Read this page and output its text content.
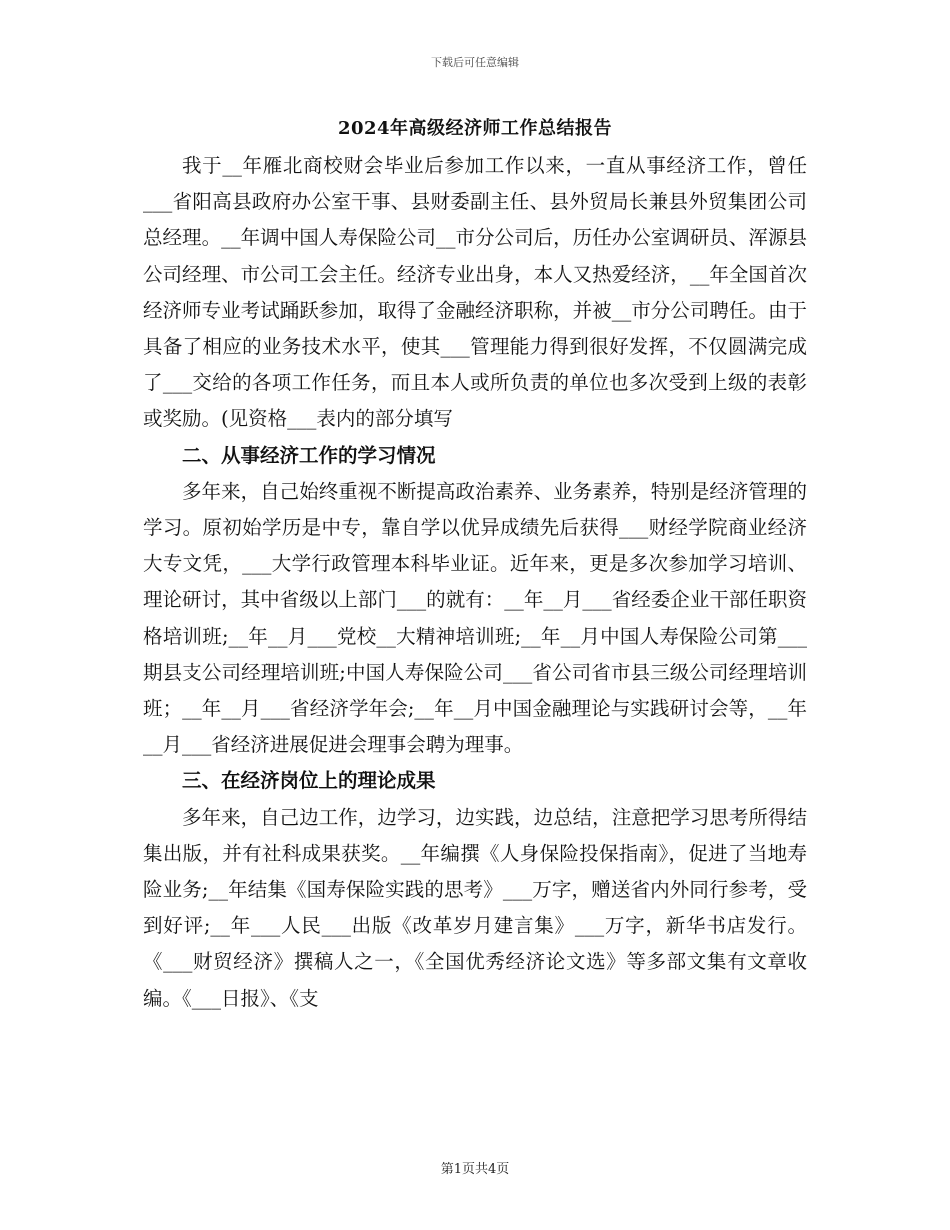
下载后可任意编辑
2024年高级经济师工作总结报告

我于__年雁北商校财会毕业后参加工作以来，一直从事经济工作，曾任___省阳高县政府办公室干事、县财委副主任、县外贸局长兼县外贸集团公司总经理。__年调中国人寿保险公司__市分公司后，历任办公室调研员、浑源县公司经理、市公司工会主任。经济专业出身，本人又热爱经济，__年全国首次经济师专业考试踊跃参加，取得了金融经济职称，并被__市分公司聘任。由于具备了相应的业务技术水平，使其___管理能力得到很好发挥，不仅圆满完成了___交给的各项工作任务，而且本人或所负责的单位也多次受到上级的表彰或奖励。(见资格___表内的部分填写

二、从事经济工作的学习情况

多年来，自己始终重视不断提高政治素养、业务素养，特别是经济管理的学习。原初始学历是中专，靠自学以优异成绩先后获得___财经学院商业经济大专文凭，___大学行政管理本科毕业证。近年来，更是多次参加学习培训、理论研讨，其中省级以上部门___的就有：__年__月___省经委企业干部任职资格培训班;__年__月___党校__大精神培训班;__年__月中国人寿保险公司第___期县支公司经理培训班;中国人寿保险公司___省公司省市县三级公司经理培训班；__年__月___省经济学年会;__年__月中国金融理论与实践研讨会等，__年__月___省经济进展促进会理事会聘为理事。

三、在经济岗位上的理论成果

多年来，自己边工作，边学习，边实践，边总结，注意把学习思考所得结集出版，并有社科成果获奖。__年编撰《人身保险投保指南》，促进了当地寿险业务;__年结集《国寿保险实践的思考》___万字，赠送省内外同行参考，受到好评;__年___人民___出版《改革岁月建言集》___万字，新华书店发行。《___财贸经济》撰稿人之一，《全国优秀经济论文选》等多部文集有文章收编。《___日报》、《支

第1页共4页
